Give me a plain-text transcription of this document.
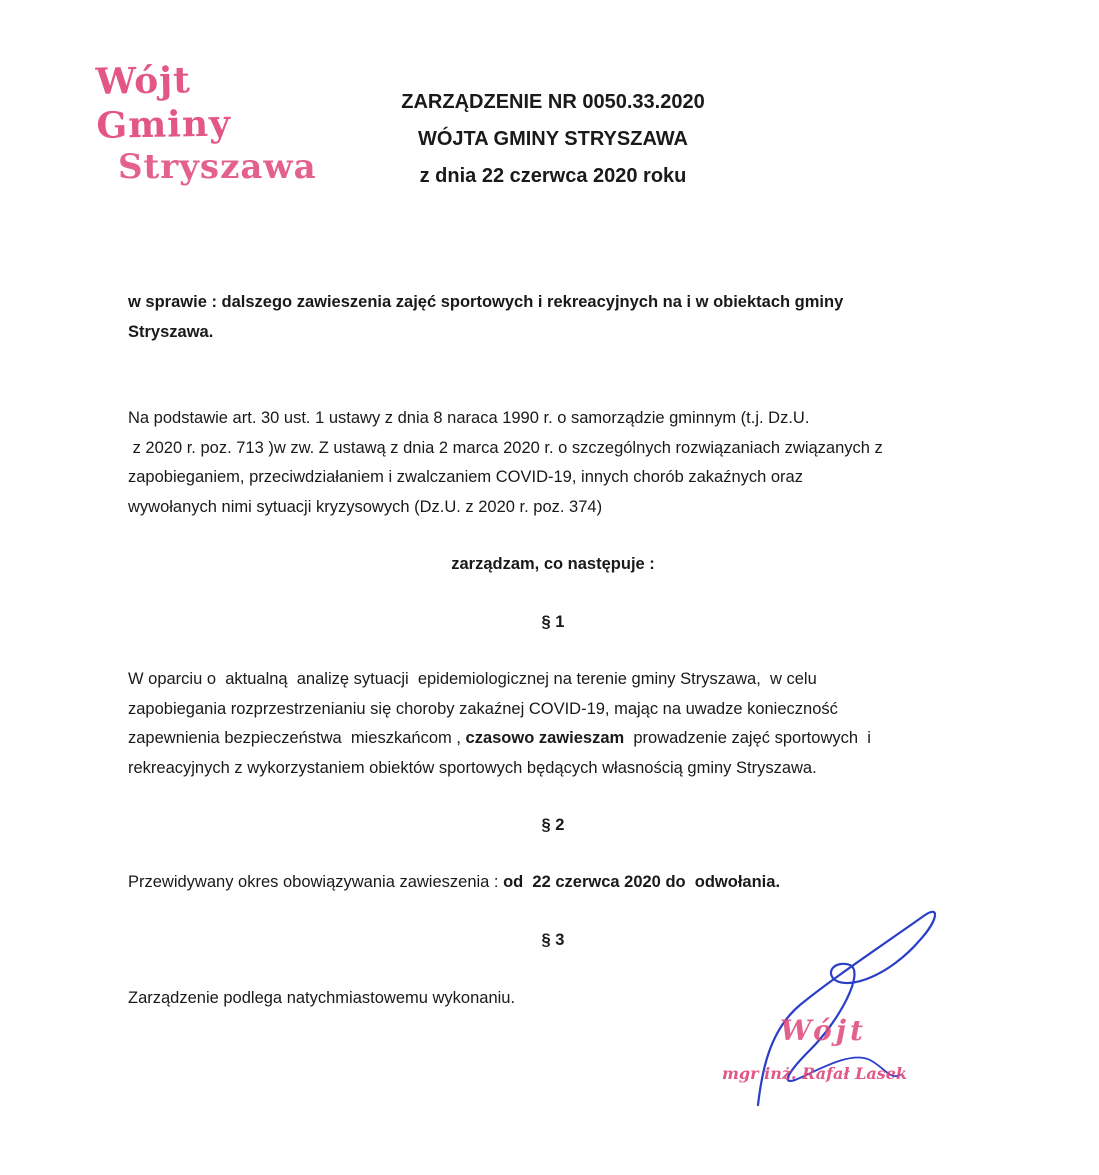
Wójt Gminy
Stryszawa
ZARZĄDZENIE NR 0050.33.2020
WÓJTA GMINY STRYSZAWA
z dnia 22 czerwca 2020 roku
w sprawie : dalszego zawieszenia zajęć sportowych i rekreacyjnych na i w obiektach gminy
Stryszawa.
Na podstawie art. 30 ust. 1 ustawy z dnia 8 naraca 1990 r. o samorządzie gminnym (t.j. Dz.U.
z 2020 r. poz. 713 )w zw. Z ustawą z dnia 2 marca 2020 r. o szczególnych rozwiązaniach związanych z
zapobieganiem, przeciwdziałaniem i zwalczaniem COVID-19, innych chorób zakaźnych oraz
wywołanych nimi sytuacji kryzysowych (Dz.U. z 2020 r. poz. 374)
zarządzam, co następuje :
§ 1
W oparciu o  aktualną  analizę sytuacji  epidemiologicznej na terenie gminy Stryszawa,  w celu
zapobiegania rozprzestrzenianiu się choroby zakaźnej COVID-19, mając na uwadze konieczność
zapewnienia bezpieczeństwa  mieszkańcom , czasowo zawieszam  prowadzenie zajęć sportowych  i
rekreacyjnych z wykorzystaniem obiektów sportowych będących własnością gminy Stryszawa.
§ 2
Przewidywany okres obowiązywania zawieszenia : od  22 czerwca 2020 do  odwołania.
§ 3
Zarządzenie podlega natychmiastowemu wykonaniu.
Wójt
mgr inż. Rafał Lasek
